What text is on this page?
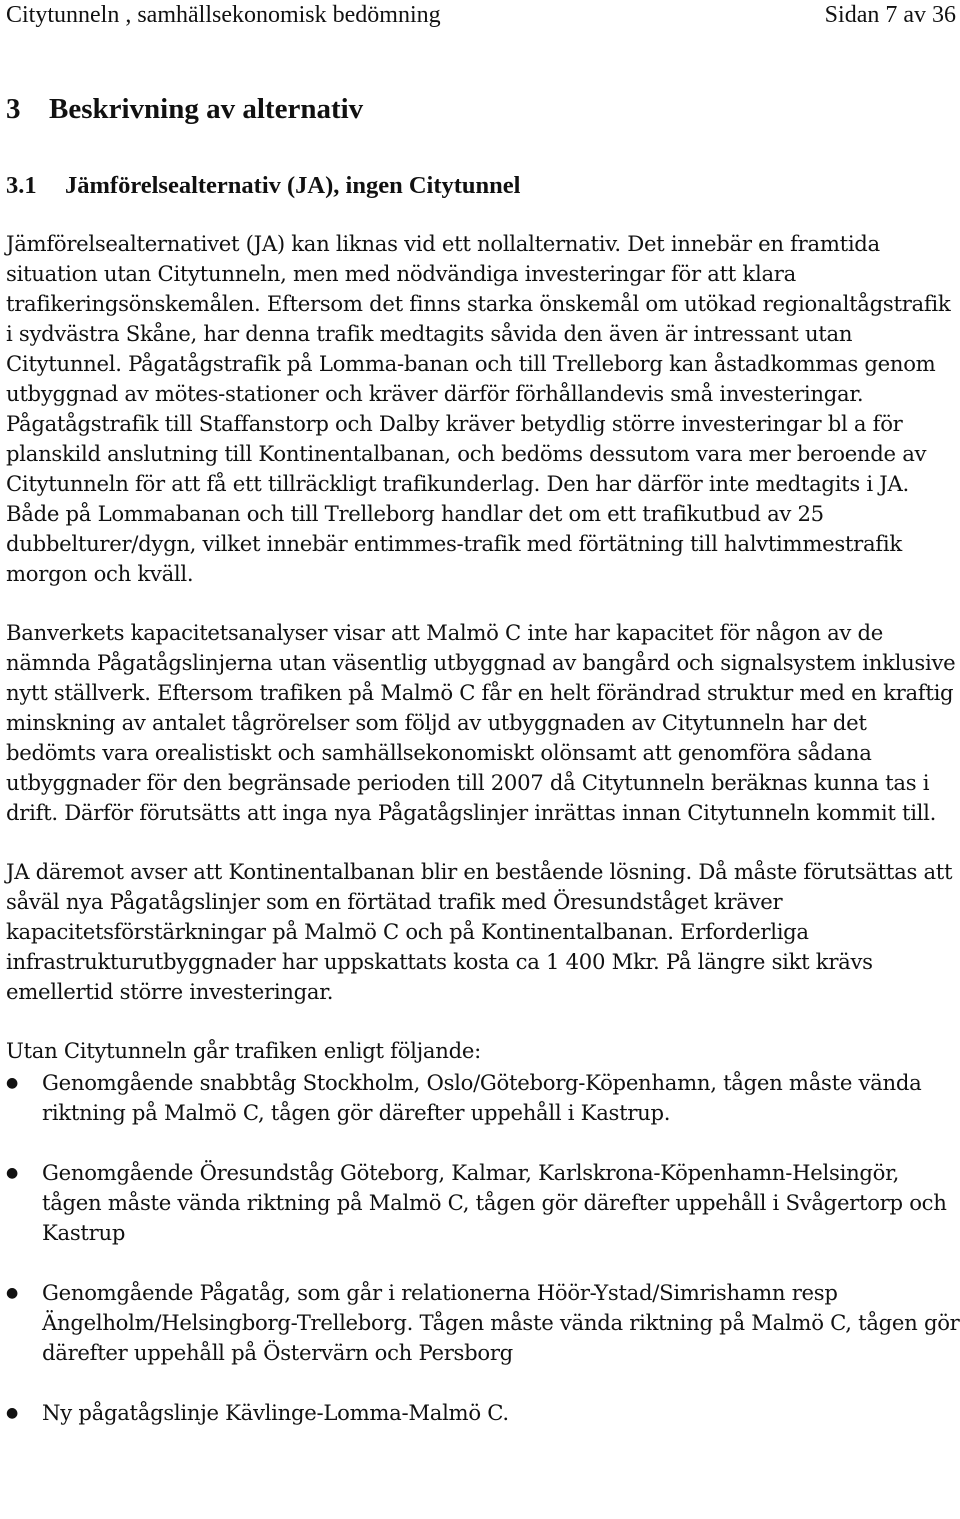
Citytunneln , samhällsekonomisk bedömning	Sidan 7 av 36
3 Beskrivning av alternativ
3.1 Jämförelsealternativ (JA), ingen Citytunnel

Jämförelsealternativet (JA) kan liknas vid ett nollalternativ. Det innebär en framtida situation utan Citytunneln, men med nödvändiga investeringar för att klara trafikeringsönskemålen. Eftersom det finns starka önskemål om utökad regionaltågstrafik i sydvästra Skåne, har denna trafik medtagits såvida den även är intressant utan Citytunnel. Pågatågstrafik på Lomma-banan och till Trelleborg kan åstadkommas genom utbyggnad av mötes-stationer och kräver därför förhållandevis små investeringar. Pågatågstrafik till Staffanstorp och Dalby kräver betydlig större investeringar bl a för planskild anslutning till Kontinentalbanan, och bedöms dessutom vara mer beroende av Citytunneln för att få ett tillräckligt trafikunderlag. Den har därför inte medtagits i JA. Både på Lommabanan och till Trelleborg handlar det om ett trafikutbud av 25 dubbelturer/dygn, vilket innebär entimmes-trafik med förtätning till halvtimmestrafik morgon och kväll.

Banverkets kapacitetsanalyser visar att Malmö C inte har kapacitet för någon av de nämnda Pågatågslinjerna utan väsentlig utbyggnad av bangård och signalsystem inklusive nytt ställverk. Eftersom trafiken på Malmö C får en helt förändrad struktur med en kraftig minskning av antalet tågrörelser som följd av utbyggnaden av Citytunneln har det bedömts vara orealistiskt och samhällsekonomiskt olönsamt att genomföra sådana utbyggnader för den begränsade perioden till 2007 då Citytunneln beräknas kunna tas i drift. Därför förutsätts att inga nya Pågatågslinjer inrättas innan Citytunneln kommit till.

JA däremot avser att Kontinentalbanan blir en bestående lösning. Då måste förutsättas att såväl nya Pågatågslinjer som en förtätad trafik med Öresundståget kräver kapacitetsförstärkningar på Malmö C och på Kontinentalbanan. Erforderliga infrastrukturutbyggnader har uppskattats kosta ca 1 400 Mkr. På längre sikt krävs emellertid större investeringar.

Utan Citytunneln går trafiken enligt följande:

● Genomgående snabbtåg Stockholm, Oslo/Göteborg-Köpenhamn, tågen måste vända riktning på Malmö C, tågen gör därefter uppehåll i Kastrup.
● Genomgående Öresundståg Göteborg, Kalmar, Karlskrona-Köpenhamn-Helsingör, tågen måste vända riktning på Malmö C, tågen gör därefter uppehåll i Svågertorp och Kastrup
● Genomgående Pågatåg, som går i relationerna Höör-Ystad/Simrishamn resp Ängelholm/Helsingborg-Trelleborg. Tågen måste vända riktning på Malmö C, tågen gör därefter uppehåll på Östervärn och Persborg
● Ny pågatågslinje Kävlinge-Lomma-Malmö C.
